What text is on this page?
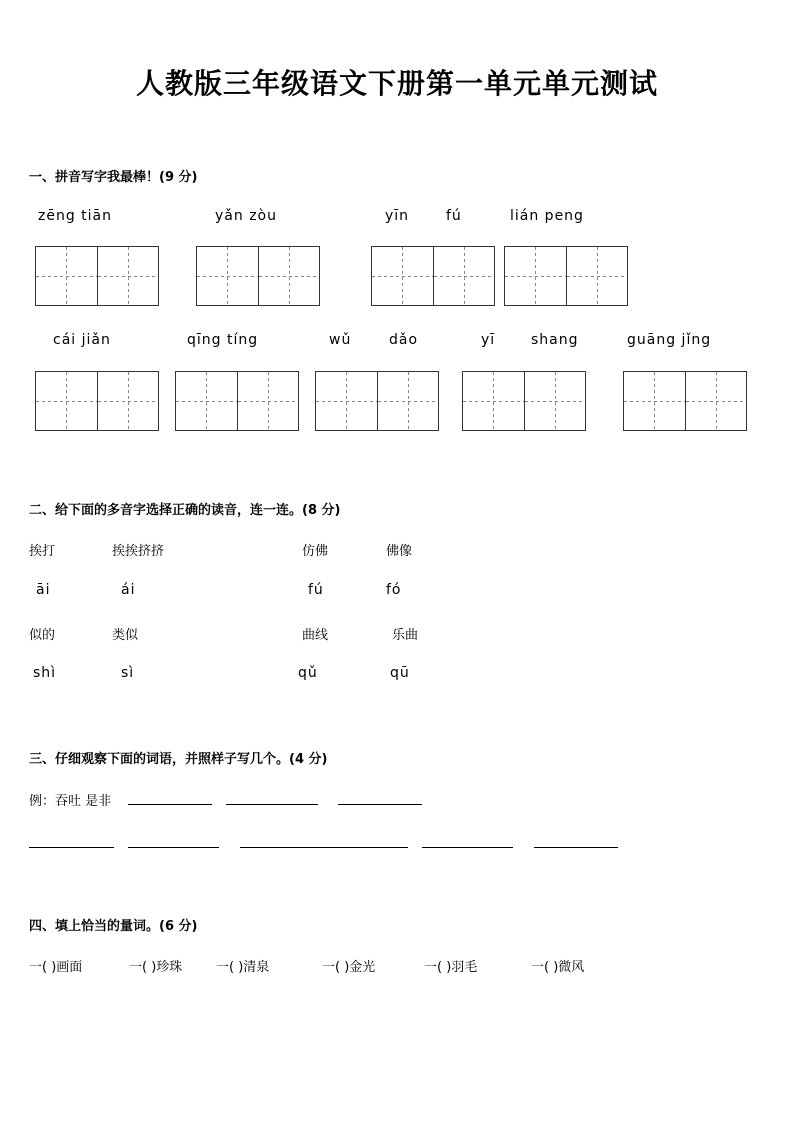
人教版三年级语文下册第一单元单元测试
一、拼音写字我最棒！(9 分)
zēng tiān	yǎn zòu	yīn	fú	lián peng
cái jiǎn	qīng tíng	wǔ	dǎo	yī	shang	guāng jǐng
二、给下面的多音字选择正确的读音，连一连。(8 分)
挨打	挨挨挤挤	仿佛	佛像
āi	ái	fú	fó
似的	类似	曲线	乐曲
shì	sì	qǔ	qū
三、仔细观察下面的词语，并照样子写几个。(4 分)
例：吞吐 是非
四、填上恰当的量词。(6 分)
一( )画面	一( )珍珠	一( )清泉	一( )金光	一( )羽毛	一( )微风
